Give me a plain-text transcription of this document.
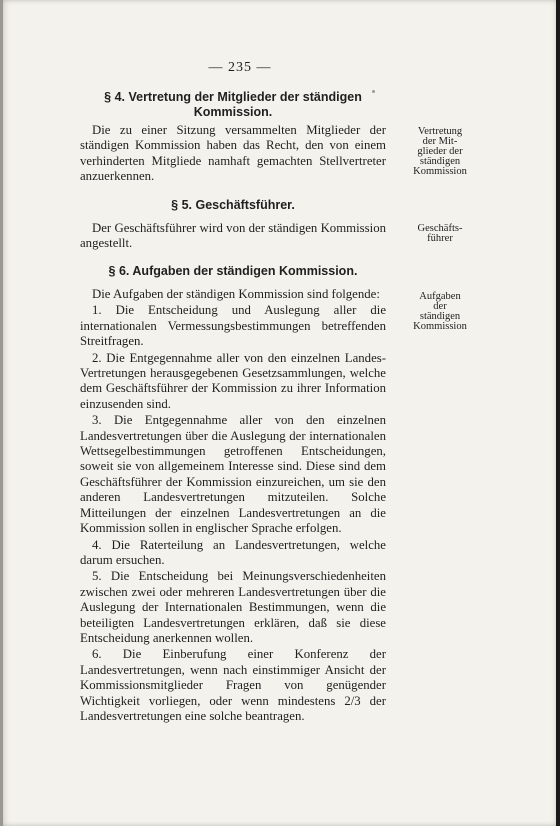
— 235 —
§ 4. Vertretung der Mitglieder der ständigen Kommission.

Die zu einer Sitzung versammelten Mitglieder der ständigen Kommission haben das Recht, den von einem verhinderten Mitgliede namhaft gemachten Stellvertreter anzuerkennen.

Vertretung
der Mit-
glieder der
ständigen
Kommission
§ 5. Geschäftsführer.

Der Geschäftsführer wird von der ständigen Kommission angestellt.

Geschäfts-
führer
§ 6. Aufgaben der ständigen Kommission.

Die Aufgaben der ständigen Kommission sind folgende:

1. Die Entscheidung und Auslegung aller die internationalen Vermessungsbestimmungen betreffenden Streitfragen.

2. Die Entgegennahme aller von den einzelnen Landes-Vertretungen herausgegebenen Gesetzsammlungen, welche dem Geschäftsführer der Kommission zu ihrer Information einzusenden sind.

3. Die Entgegennahme aller von den einzelnen Landesvertretungen über die Auslegung der internationalen Wettsegelbestimmungen getroffenen Entscheidungen, soweit sie von allgemeinem Interesse sind. Diese sind dem Geschäftsführer der Kommission einzureichen, um sie den anderen Landesvertretungen mitzuteilen. Solche Mitteilungen der einzelnen Landesvertretungen an die Kommission sollen in englischer Sprache erfolgen.

4. Die Raterteilung an Landesvertretungen, welche darum ersuchen.

5. Die Entscheidung bei Meinungsverschiedenheiten zwischen zwei oder mehreren Landesvertretungen über die Auslegung der Internationalen Bestimmungen, wenn die beteiligten Landesvertretungen erklären, daß sie diese Entscheidung anerkennen wollen.

6. Die Einberufung einer Konferenz der Landesvertretungen, wenn nach einstimmiger Ansicht der Kommissionsmitglieder Fragen von genügender Wichtigkeit vorliegen, oder wenn mindestens 2/3 der Landesvertretungen eine solche beantragen.

Aufgaben
der
ständigen
Kommission
